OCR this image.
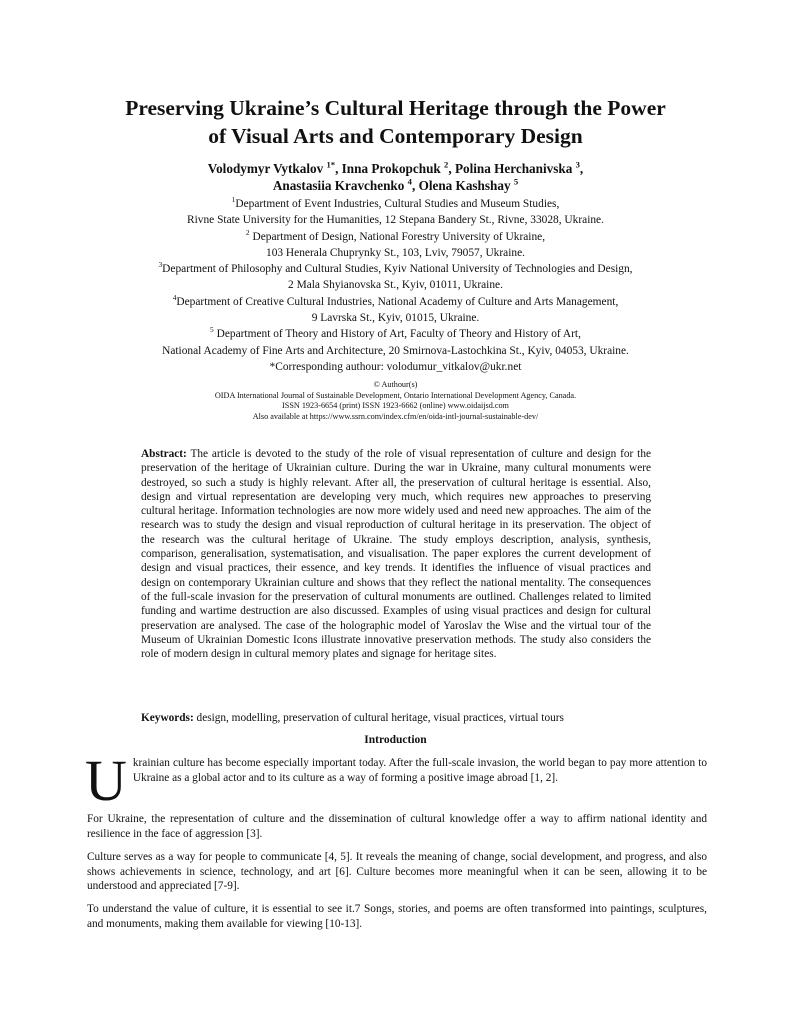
Preserving Ukraine’s Cultural Heritage through the Power
of Visual Arts and Contemporary Design
Volodymyr Vytkalov $^{1*}$, Inna Prokopchuk $^2$, Polina Herchanivska $^3$,
Anastasiia Kravchenko $^4$, Olena Kashshay $^5$
$^1$Department of Event Industries, Cultural Studies and Museum Studies,
Rivne State University for the Humanities, 12 Stepana Bandery St., Rivne, 33028, Ukraine.
$^2$ Department of Design, National Forestry University of Ukraine,
103 Henerala Chuprynky St., 103, Lviv, 79057, Ukraine.
$^3$Department of Philosophy and Cultural Studies, Kyiv National University of Technologies and Design,
2 Mala Shyianovska St., Kyiv, 01011, Ukraine.
$^4$Department of Creative Cultural Industries, National Academy of Culture and Arts Management,
9 Lavrska St., Kyiv, 01015, Ukraine.
$^5$ Department of Theory and History of Art, Faculty of Theory and History of Art,
National Academy of Fine Arts and Architecture, 20 Smirnova-Lastochkina St., Kyiv, 04053, Ukraine.
*Corresponding authour: volodumur_vitkalov@ukr.net
© Authour(s)
OIDA International Journal of Sustainable Development, Ontario International Development Agency, Canada.
ISSN 1923-6654 (print) ISSN 1923-6662 (online) www.oidaijsd.com
Also available at https://www.ssrn.com/index.cfm/en/oida-intl-journal-sustainable-dev/

Abstract: The article is devoted to the study of the role of visual representation of culture and design for the preservation of the heritage of Ukrainian culture. During the war in Ukraine, many cultural monuments were destroyed, so such a study is highly relevant. After all, the preservation of cultural heritage is essential. Also, design and virtual representation are developing very much, which requires new approaches to preserving cultural heritage. Information technologies are now more widely used and need new approaches. The aim of the research was to study the design and visual reproduction of cultural heritage in its preservation. The object of the research was the cultural heritage of Ukraine. The study employs description, analysis, synthesis, comparison, generalisation, systematisation, and visualisation. The paper explores the current development of design and visual practices, their essence, and key trends. It identifies the influence of visual practices and design on contemporary Ukrainian culture and shows that they reflect the national mentality. The consequences of the full-scale invasion for the preservation of cultural monuments are outlined. Challenges related to limited funding and wartime destruction are also discussed. Examples of using visual practices and design for cultural preservation are analysed. The case of the holographic model of Yaroslav the Wise and the virtual tour of the Museum of Ukrainian Domestic Icons illustrate innovative preservation methods. The study also considers the role of modern design in cultural memory plates and signage for heritage sites.

Keywords: design, modelling, preservation of cultural heritage, visual practices, virtual tours
Introduction

Ukrainian culture has become especially important today. After the full-scale invasion, the world began to pay more attention to Ukraine as a global actor and to its culture as a way of forming a positive image abroad [1, 2].

For Ukraine, the representation of culture and the dissemination of cultural knowledge offer a way to affirm national identity and resilience in the face of aggression [3].

Culture serves as a way for people to communicate [4, 5]. It reveals the meaning of change, social development, and progress, and also shows achievements in science, technology, and art [6]. Culture becomes more meaningful when it can be seen, allowing it to be understood and appreciated [7-9].

To understand the value of culture, it is essential to see it.7 Songs, stories, and poems are often transformed into paintings, sculptures, and monuments, making them available for viewing [10-13].
